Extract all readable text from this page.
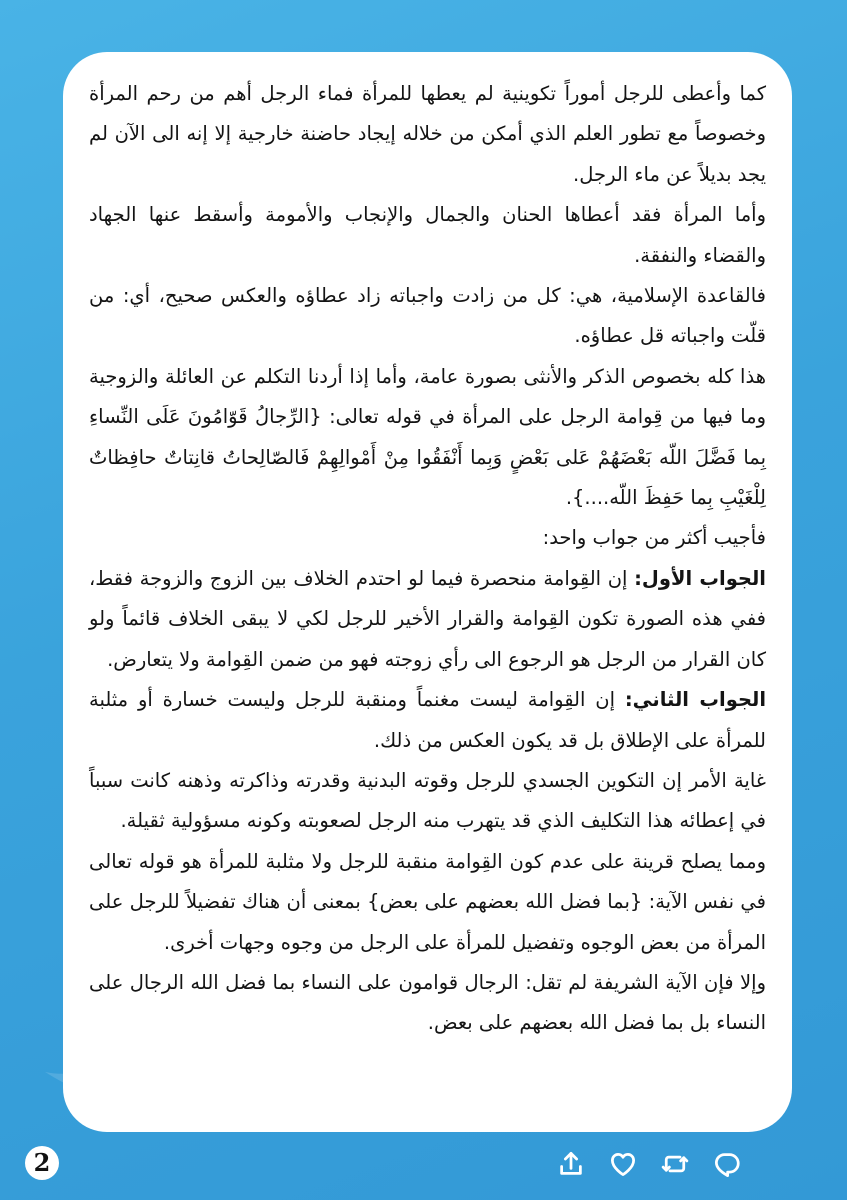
كما وأعطى للرجل أموراً تكوينية لم يعطها للمرأة فماء الرجل أهم من رحم المرأة وخصوصاً مع تطور العلم الذي أمكن من خلاله إيجاد حاضنة خارجية إلا إنه الى الآن لم يجد بديلاً عن ماء الرجل.

وأما المرأة فقد أعطاها الحنان والجمال والإنجاب والأمومة وأسقط عنها الجهاد والقضاء والنفقة.

فالقاعدة الإسلامية، هي: كل من زادت واجباته زاد عطاؤه والعكس صحيح، أي: من قلّت واجباته قل عطاؤه.

هذا كله بخصوص الذكر والأنثى بصورة عامة، وأما إذا أردنا التكلم عن العائلة والزوجية وما فيها من قِوامة الرجل على المرأة في قوله تعالى: {الرِّجالُ قَوّامُونَ عَلَى النِّساءِ بِما فَضَّلَ اللّه بَعْضَهُمْ عَلى بَعْضٍ وَبِما أَنْفَقُوا مِنْ أَمْوالِهِمْ فَالصّالِحاتُ قانِتاتٌ حافِظاتٌ لِلْغَيْبِ بِما حَفِظَ اللّه....}.

فأجيب أكثر من جواب واحد:

الجواب الأول: إن القِوامة منحصرة فيما لو احتدم الخلاف بين الزوج والزوجة فقط، ففي هذه الصورة تكون القِوامة والقرار الأخير للرجل لكي لا يبقى الخلاف قائماً ولو كان القرار من الرجل هو الرجوع الى رأي زوجته فهو من ضمن القِوامة ولا يتعارض.

الجواب الثاني: إن القِوامة ليست مغنماً ومنقبة للرجل وليست خسارة أو مثلبة للمرأة على الإطلاق بل قد يكون العكس من ذلك.

غاية الأمر إن التكوين الجسدي للرجل وقوته البدنية وقدرته وذاكرته وذهنه كانت سبباً في إعطائه هذا التكليف الذي قد يتهرب منه الرجل لصعوبته وكونه مسؤولية ثقيلة.

ومما يصلح قرينة على عدم كون القِوامة منقبة للرجل ولا مثلبة للمرأة هو قوله تعالى في نفس الآية: {بما فضل الله بعضهم على بعض} بمعنى أن هناك تفضيلاً للرجل على المرأة من بعض الوجوه وتفضيل للمرأة على الرجل من وجوه وجهات أخرى.

وإلا فإن الآية الشريفة لم تقل: الرجال قوامون على النساء بما فضل الله الرجال على النساء بل بما فضل الله بعضهم على بعض.

2
